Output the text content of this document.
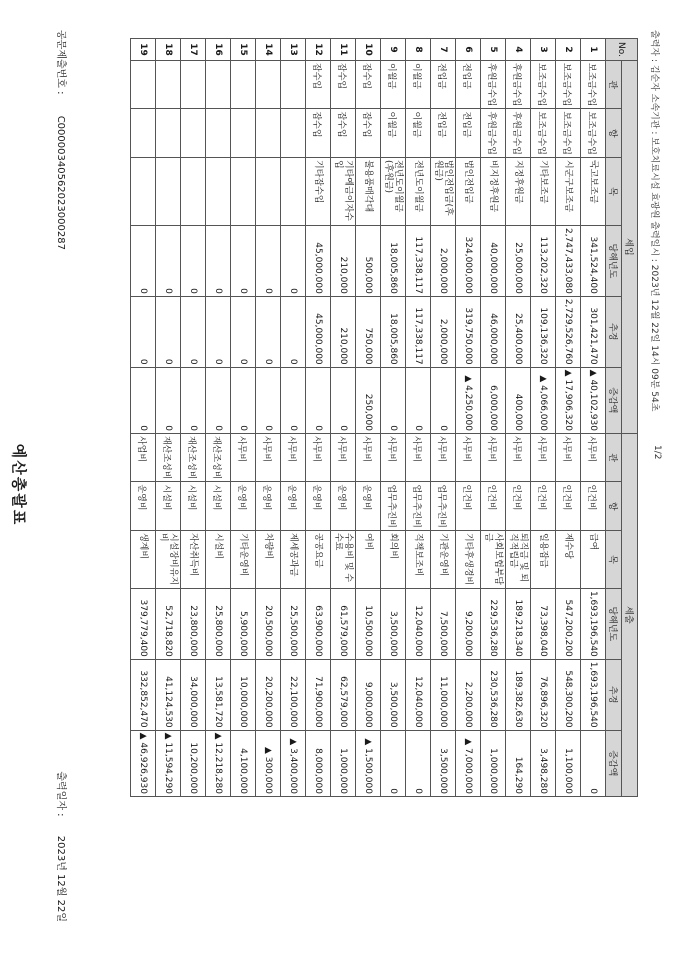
예산총괄표
공문제출번호 : C00000340562023000287
출력일자 : 2023년 12월 22일
No.	세입						세출					
	관	항	목	당해년도	추경	증감액	관	항	목	당해년도	추경	증감액
1	보조금수입	보조금수입	국고보조금	341,524,400	301,421,470	▲ 40,102,930	사무비	인건비	급여	1,693,196,540	1,693,196,540	0
2	보조금수입	보조금수입	시군구보조금	2,747,433,080	2,729,526,760	▲ 17,906,320	사무비	인건비	제수당	547,200,200	548,300,200	1,100,000
3	보조금수입	보조금수입	기타보조금	113,202,320	109,136,320	▲ 4,066,000	사무비	인건비	일용잡급	73,398,040	76,896,320	3,498,280
4	후원금수입	후원금수입	지정후원금	25,000,000	25,400,000	400,000	사무비	인건비	퇴직금 및 퇴직적립금	189,218,340	189,382,630	164,290
5	후원금수입	후원금수입	비지정후원금	40,000,000	46,000,000	6,000,000	사무비	인건비	사회보험부담금	229,536,280	230,536,280	1,000,000
6	전입금	전입금	법인전입금	324,000,000	319,750,000	▲ 4,250,000	사무비	인건비	기타후생경비	9,200,000	2,200,000	▲ 7,000,000
7	전입금	전입금	법인전입금(후원금)	2,000,000	2,000,000	0	사무비	업무추진비	기관운영비	7,500,000	11,000,000	3,500,000
8	이월금	이월금	전년도이월금	117,338,117	117,338,117	0	사무비	업무추진비	직책보조비	12,040,000	12,040,000	0
9	이월금	이월금	전년도이월금(후원금)	18,005,860	18,005,860	0	사무비	업무추진비	회의비	3,500,000	3,500,000	0
10	잡수입	잡수입	불용품매각대	500,000	750,000	250,000	사무비	운영비	여비	10,500,000	9,000,000	▲ 1,500,000
11	잡수입	잡수입	기타예금이자수입	210,000	210,000	0	사무비	운영비	수용비 및 수수료	61,579,000	62,579,000	1,000,000
12	잡수입	잡수입	기타잡수입	45,000,000	45,000,000	0	사무비	운영비	공공요금	63,900,000	71,900,000	8,000,000
13				0	0	0	사무비	운영비	제세공과금	25,500,000	22,100,000	▲ 3,400,000
14				0	0	0	사무비	운영비	차량비	20,500,000	20,200,000	▲ 300,000
15				0	0	0	사무비	운영비	기타운영비	5,900,000	10,000,000	4,100,000
16				0	0	0	재산조성비	시설비	시설비	25,800,000	13,581,720	▲ 12,218,280
17				0	0	0	재산조성비	시설비	자산취득비	23,800,000	34,000,000	10,200,000
18				0	0	0	재산조성비	시설비	시설장비유지비	52,718,820	41,124,530	▲ 11,594,290
19				0	0	0	사업비	운영비	생계비	379,779,400	332,852,470	▲ 46,926,930
출력자 : 김순자 소속기관 : 보호치료시설 효광원 출력일시 : 2023년 12월 22일 14시 09분 54초
1/2
